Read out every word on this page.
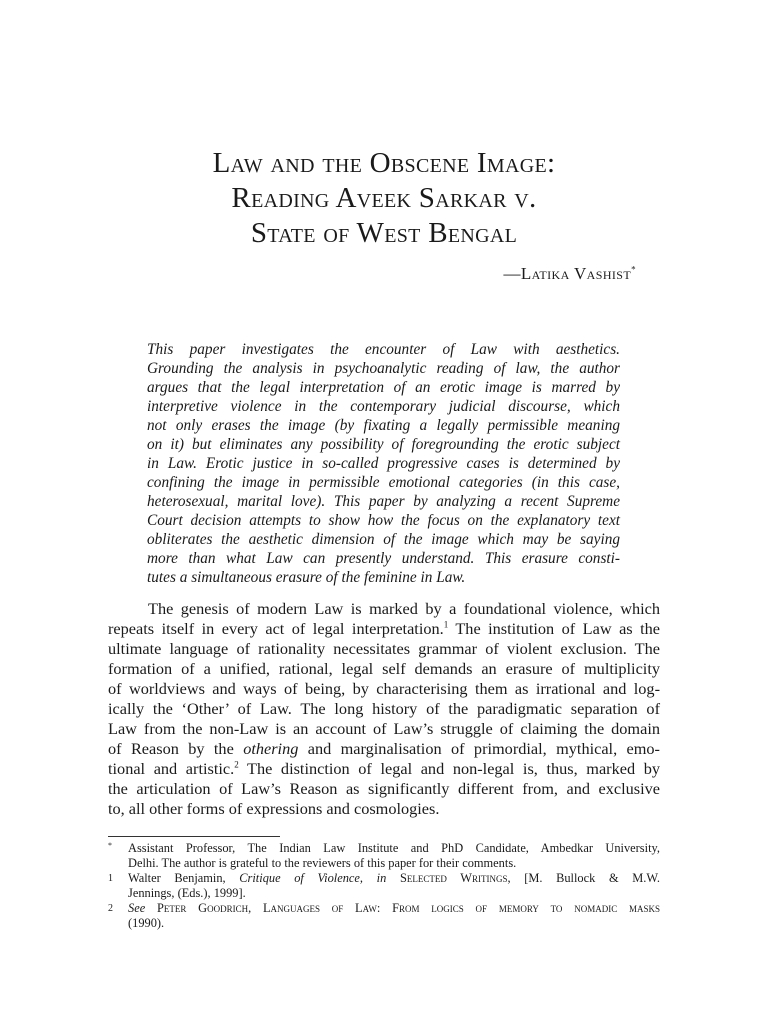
Law and the Obscene Image:
Reading Aveek Sarkar v.
State of West Bengal
—Latika Vashist*
This paper investigates the encounter of Law with aesthetics.
Grounding the analysis in psychoanalytic reading of law, the author
argues that the legal interpretation of an erotic image is marred by
interpretive violence in the contemporary judicial discourse, which
not only erases the image (by fixating a legally permissible meaning
on it) but eliminates any possibility of foregrounding the erotic subject
in Law. Erotic justice in so-called progressive cases is determined by
confining the image in permissible emotional categories (in this case,
heterosexual, marital love). This paper by analyzing a recent Supreme
Court decision attempts to show how the focus on the explanatory text
obliterates the aesthetic dimension of the image which may be saying
more than what Law can presently understand. This erasure consti-
tutes a simultaneous erasure of the feminine in Law.
The genesis of modern Law is marked by a foundational violence, which
repeats itself in every act of legal interpretation.$^1$ The institution of Law as the
ultimate language of rationality necessitates grammar of violent exclusion. The
formation of a unified, rational, legal self demands an erasure of multiplicity
of worldviews and ways of being, by characterising them as irrational and log-
ically the ‘Other’ of Law. The long history of the paradigmatic separation of
Law from the non-Law is an account of Law’s struggle of claiming the domain
of Reason by the othering and marginalisation of primordial, mythical, emo-
tional and artistic.$^2$ The distinction of legal and non-legal is, thus, marked by
the articulation of Law’s Reason as significantly different from, and exclusive
to, all other forms of expressions and cosmologies.
* Assistant Professor, The Indian Law Institute and PhD Candidate, Ambedkar University,
Delhi. The author is grateful to the reviewers of this paper for their comments.
1 Walter Benjamin, Critique of Violence, in Selected Writings, [M. Bullock & M.W.
Jennings, (Eds.), 1999].
2 See Peter Goodrich, Languages of Law: From logics of memory to nomadic masks
(1990).
